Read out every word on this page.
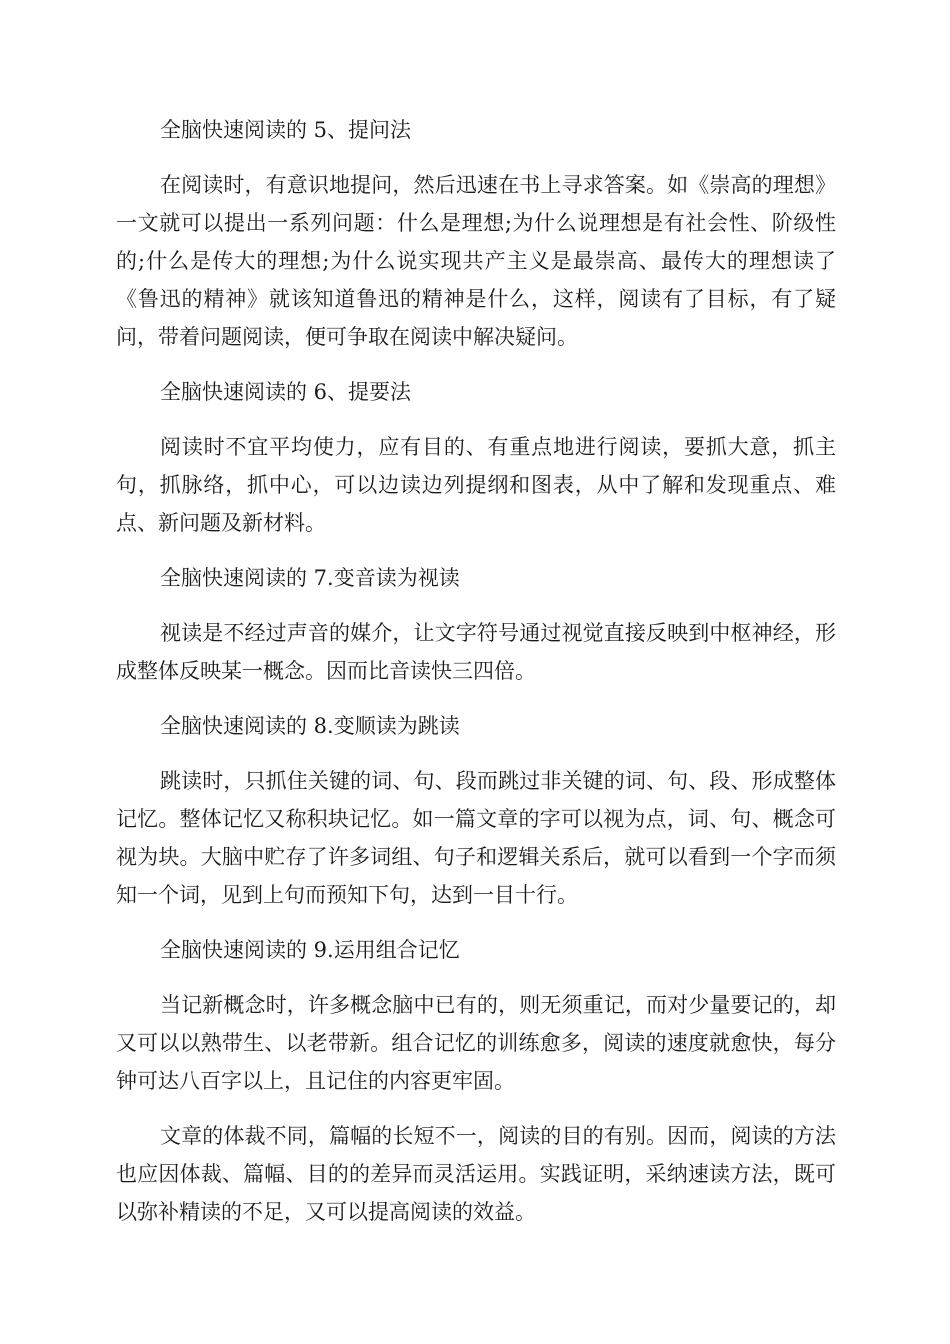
全脑快速阅读的 5、提问法

在阅读时，有意识地提问，然后迅速在书上寻求答案。如《崇高的理想》一文就可以提出一系列问题：什么是理想;为什么说理想是有社会性、阶级性的;什么是传大的理想;为什么说实现共产主义是最崇高、最传大的理想读了《鲁迅的精神》就该知道鲁迅的精神是什么，这样，阅读有了目标，有了疑问，带着问题阅读，便可争取在阅读中解决疑问。

全脑快速阅读的 6、提要法

阅读时不宜平均使力，应有目的、有重点地进行阅读，要抓大意，抓主句，抓脉络，抓中心，可以边读边列提纲和图表，从中了解和发现重点、难点、新问题及新材料。

全脑快速阅读的 7.变音读为视读

视读是不经过声音的媒介，让文字符号通过视觉直接反映到中枢神经，形成整体反映某一概念。因而比音读快三四倍。

全脑快速阅读的 8.变顺读为跳读

跳读时，只抓住关键的词、句、段而跳过非关键的词、句、段、形成整体记忆。整体记忆又称积块记忆。如一篇文章的字可以视为点，词、句、概念可视为块。大脑中贮存了许多词组、句子和逻辑关系后，就可以看到一个字而须知一个词，见到上句而预知下句，达到一目十行。

全脑快速阅读的 9.运用组合记忆

当记新概念时，许多概念脑中已有的，则无须重记，而对少量要记的，却又可以以熟带生、以老带新。组合记忆的训练愈多，阅读的速度就愈快，每分钟可达八百字以上，且记住的内容更牢固。

文章的体裁不同，篇幅的长短不一，阅读的目的有别。因而，阅读的方法也应因体裁、篇幅、目的的差异而灵活运用。实践证明，采纳速读方法，既可以弥补精读的不足，又可以提高阅读的效益。
